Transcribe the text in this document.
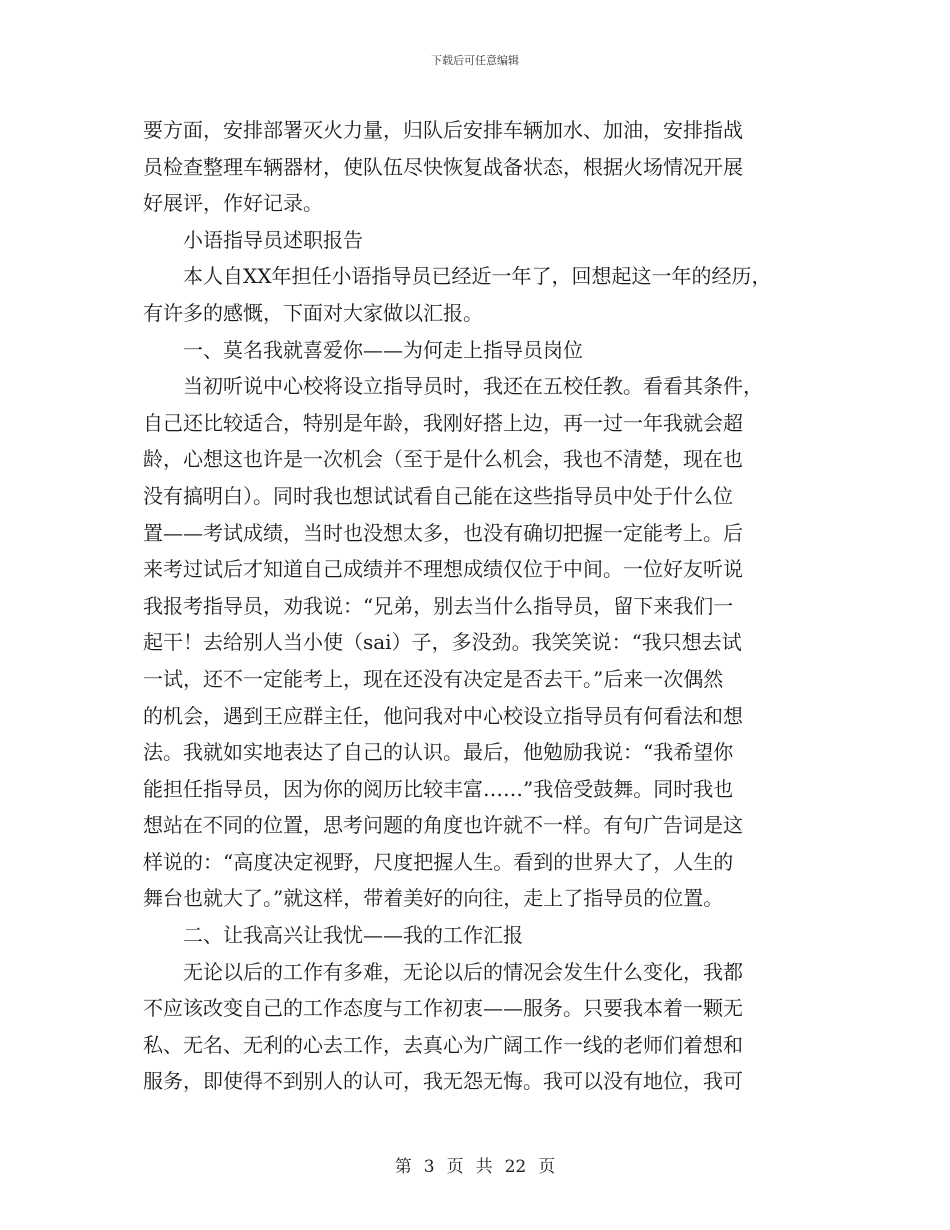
下载后可任意编辑
要方面，安排部署灭火力量，归队后安排车辆加水、加油，安排指战
员检查整理车辆器材，使队伍尽快恢复战备状态，根据火场情况开展
好展评，作好记录。
小语指导员述职报告
本人自XX年担任小语指导员已经近一年了，回想起这一年的经历，
有许多的感慨，下面对大家做以汇报。
一、莫名我就喜爱你——为何走上指导员岗位
当初听说中心校将设立指导员时，我还在五校任教。看看其条件，
自己还比较适合，特别是年龄，我刚好搭上边，再一过一年我就会超
龄，心想这也许是一次机会（至于是什么机会，我也不清楚，现在也
没有搞明白）。同时我也想试试看自己能在这些指导员中处于什么位
置——考试成绩，当时也没想太多，也没有确切把握一定能考上。后
来考过试后才知道自己成绩并不理想成绩仅位于中间。一位好友听说
我报考指导员，劝我说：“兄弟，别去当什么指导员，留下来我们一
起干！去给别人当小使（sai）子，多没劲。我笑笑说：“我只想去试
一试，还不一定能考上，现在还没有决定是否去干。”后来一次偶然
的机会，遇到王应群主任，他问我对中心校设立指导员有何看法和想
法。我就如实地表达了自己的认识。最后，他勉励我说：“我希望你
能担任指导员，因为你的阅历比较丰富……”我倍受鼓舞。同时我也
想站在不同的位置，思考问题的角度也许就不一样。有句广告词是这
样说的：“高度决定视野，尺度把握人生。看到的世界大了，人生的
舞台也就大了。”就这样，带着美好的向往，走上了指导员的位置。
二、让我高兴让我忧——我的工作汇报
无论以后的工作有多难，无论以后的情况会发生什么变化，我都
不应该改变自己的工作态度与工作初衷——服务。只要我本着一颗无
私、无名、无利的心去工作，去真心为广阔工作一线的老师们着想和
服务，即使得不到别人的认可，我无怨无悔。我可以没有地位，我可
第 3 页 共 22 页
